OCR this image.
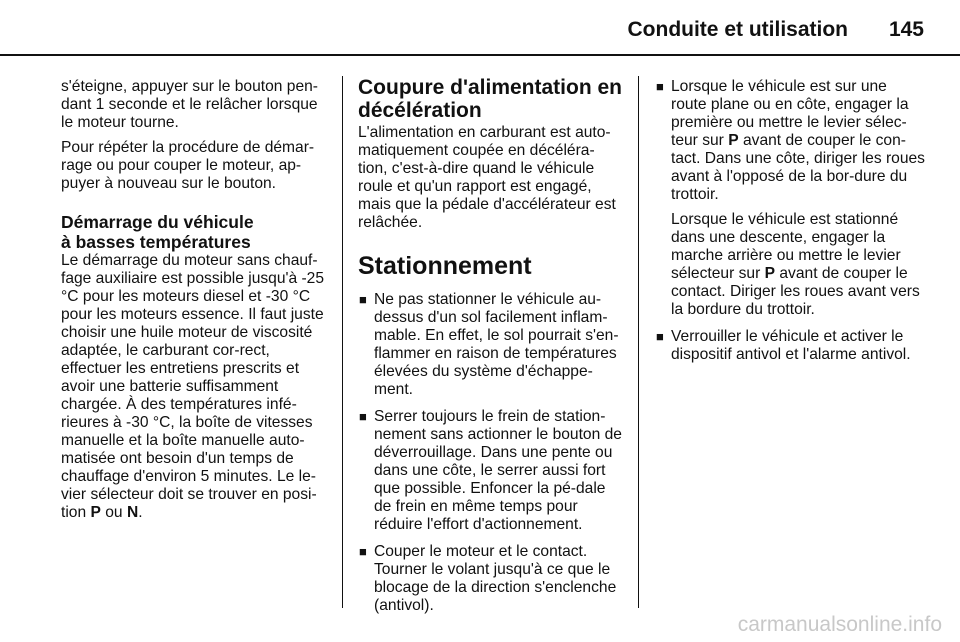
Conduite et utilisation	145

s'éteigne, appuyer sur le bouton pen-dant 1 seconde et le relâcher lorsque le moteur tourne.

Pour répéter la procédure de démar-rage ou pour couper le moteur, ap-puyer à nouveau sur le bouton.

Démarrage du véhicule
à basses températures

Le démarrage du moteur sans chauf-fage auxiliaire est possible jusqu'à -25 °C pour les moteurs diesel et -30 °C pour les moteurs essence. Il faut juste choisir une huile moteur de viscosité adaptée, le carburant cor-rect, effectuer les entretiens prescrits et avoir une batterie suffisamment chargée. À des températures infé-rieures à -30 °C, la boîte de vitesses manuelle et la boîte manuelle auto-matisée ont besoin d'un temps de chauffage d'environ 5 minutes. Le le-vier sélecteur doit se trouver en posi-tion P ou N.

Coupure d'alimentation en décélération

L'alimentation en carburant est auto-matiquement coupée en décéléra-tion, c'est-à-dire quand le véhicule roule et qu'un rapport est engagé, mais que la pédale d'accélérateur est relâchée.

Stationnement
■ Ne pas stationner le véhicule au-dessus d'un sol facilement inflam-mable. En effet, le sol pourrait s'en-flammer en raison de températures élevées du système d'échappe-ment.
■ Serrer toujours le frein de station-nement sans actionner le bouton de déverrouillage. Dans une pente ou dans une côte, le serrer aussi fort que possible. Enfoncer la pé-dale de frein en même temps pour réduire l'effort d'actionnement.
■ Couper le moteur et le contact. Tourner le volant jusqu'à ce que le blocage de la direction s'enclenche (antivol).
■ Lorsque le véhicule est sur une route plane ou en côte, engager la première ou mettre le levier sélec-teur sur P avant de couper le con-tact. Dans une côte, diriger les roues avant à l'opposé de la bor-dure du trottoir.

Lorsque le véhicule est stationné dans une descente, engager la marche arrière ou mettre le levier sélecteur sur P avant de couper le contact. Diriger les roues avant vers la bordure du trottoir.

■ Verrouiller le véhicule et activer le dispositif antivol et l'alarme antivol.
carmanualsonline.info
